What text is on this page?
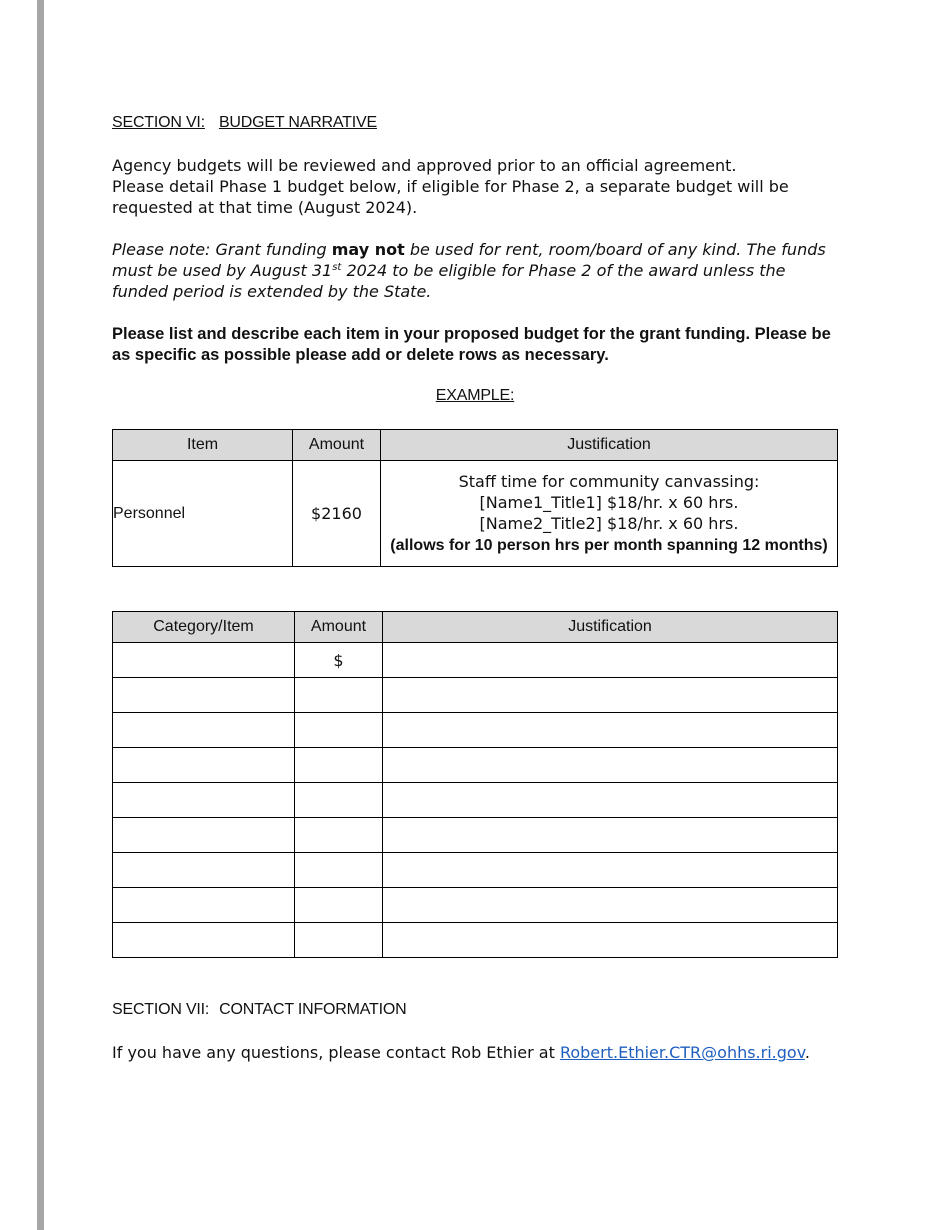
SECTION VI: BUDGET NARRATIVE
Agency budgets will be reviewed and approved prior to an official agreement.
Please detail Phase 1 budget below, if eligible for Phase 2, a separate budget will be requested at that time (August 2024).
Please note: Grant funding may not be used for rent, room/board of any kind. The funds must be used by August 31st 2024 to be eligible for Phase 2 of the award unless the funded period is extended by the State.
Please list and describe each item in your proposed budget for the grant funding. Please be as specific as possible please add or delete rows as necessary.
EXAMPLE:
Item	Amount	Justification
Personnel	$2160	Staff time for community canvassing:
[Name1_Title1] $18/hr. x 60 hrs.
[Name2_Title2] $18/hr. x 60 hrs.
(allows for 10 person hrs per month spanning 12 months)
Category/Item	Amount	Justification
	$	

SECTION VII: CONTACT INFORMATION
If you have any questions, please contact Rob Ethier at Robert.Ethier.CTR@ohhs.ri.gov.
